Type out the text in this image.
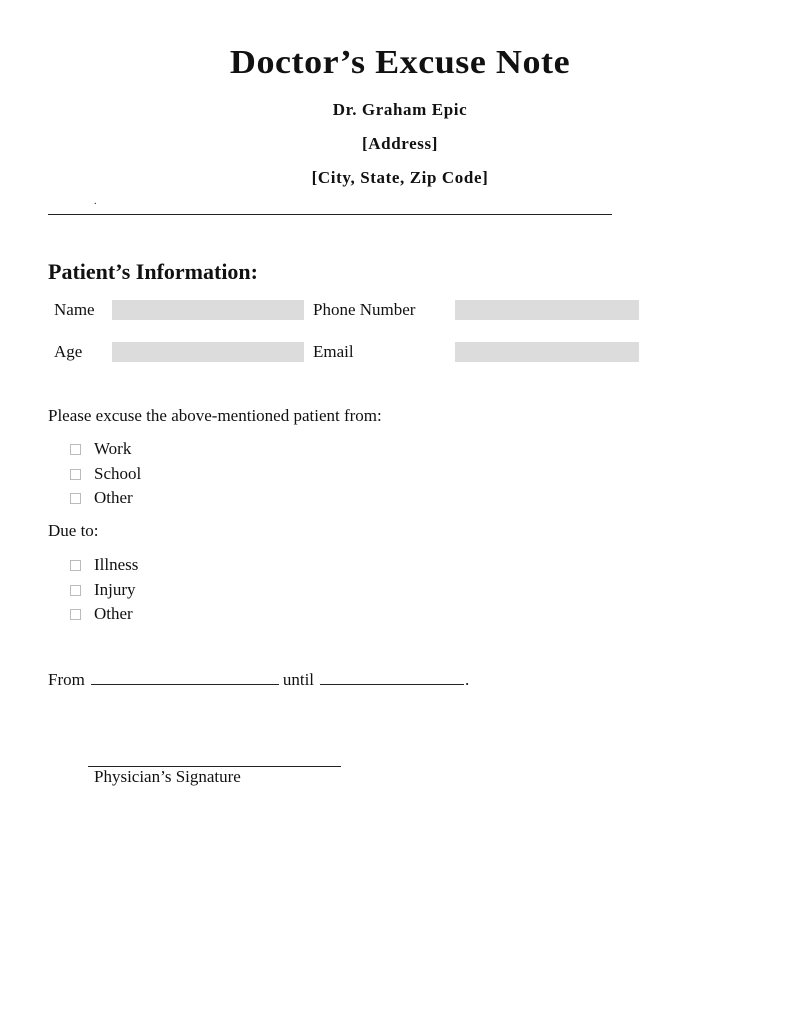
Doctor’s Excuse Note
Dr. Graham Epic
[Address]
[City, State, Zip Code]
.
Patient’s Information:
Name	Phone Number
Age	Email
Please excuse the above-mentioned patient from:
Work
School
Other
Due to:
Illness
Injury
Other
From	until	.
Physician’s Signature
